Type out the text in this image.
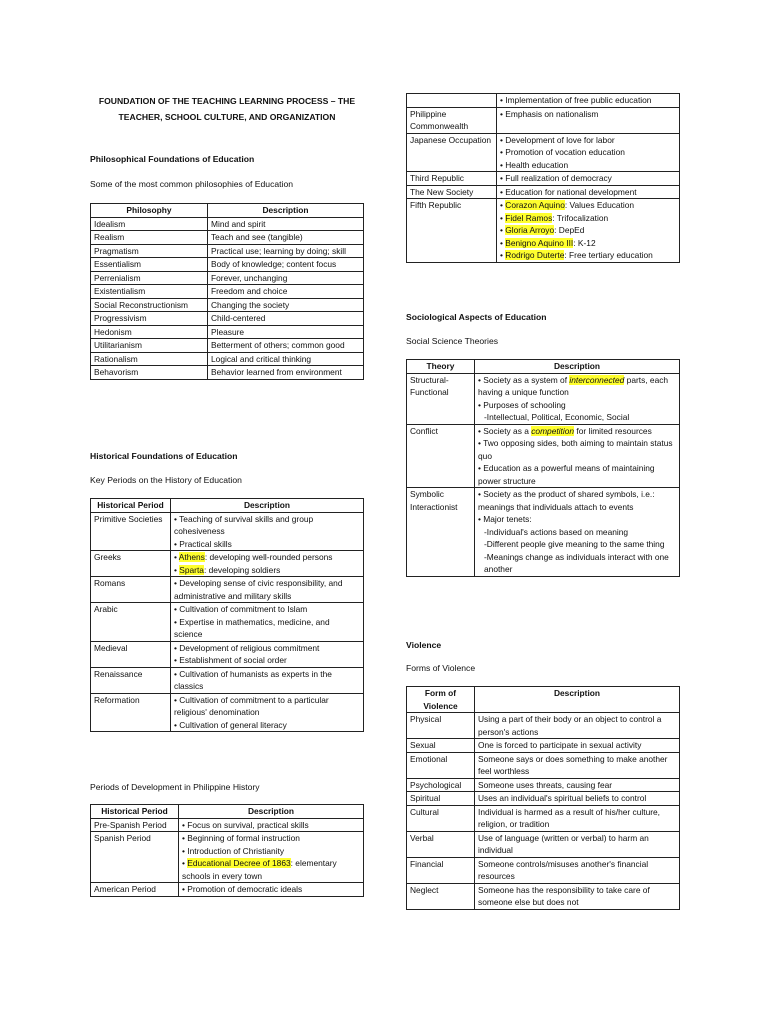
FOUNDATION OF THE TEACHING LEARNING PROCESS – THE TEACHER, SCHOOL CULTURE, AND ORGANIZATION
Philosophical Foundations of Education
Some of the most common philosophies of Education
Philosophy	Description
Idealism	Mind and spirit
Realism	Teach and see (tangible)
Pragmatism	Practical use; learning by doing; skill
Essentialism	Body of knowledge; content focus
Perrenialism	Forever, unchanging
Existentialism	Freedom and choice
Social Reconstructionism	Changing the society
Progressivism	Child-centered
Hedonism	Pleasure
Utilitarianism	Betterment of others; common good
Rationalism	Logical and critical thinking
Behavorism	Behavior learned from environment
Historical Foundations of Education
Key Periods on the History of Education
Historical Period	Description
Primitive Societies	• Teaching of survival skills and group cohesiveness
• Practical skills

Greeks	• Athens: developing well-rounded persons
• Sparta: developing soldiers

Romans	• Developing sense of civic responsibility, and administrative and military skills

Arabic	• Cultivation of commitment to Islam
• Expertise in mathematics, medicine, and science

Medieval	• Development of religious commitment
• Establishment of social order

Renaissance	• Cultivation of humanists as experts in the classics

Reformation	• Cultivation of commitment to a particular religious' denomination
• Cultivation of general literacy
Periods of Development in Philippine History
Historical Period	Description
Pre-Spanish Period	• Focus on survival, practical skills

Spanish Period	• Beginning of formal instruction
• Introduction of Christianity
• Educational Decree of 1863: elementary schools in every town

American Period	• Promotion of democratic ideals

	• Implementation of free public education

Philippine Commonwealth	• Emphasis on nationalism

Japanese Occupation	• Development of love for labor
• Promotion of vocation education
• Health education

Third Republic	• Full realization of democracy

The New Society	• Education for national development

Fifth Republic	• Corazon Aquino: Values Education
• Fidel Ramos: Trifocalization
• Gloria Arroyo: DepEd
• Benigno Aquino III: K-12
• Rodrigo Duterte: Free tertiary education
Sociological Aspects of Education
Social Science Theories
Theory	Description
Structural-Functional	• Society as a system of interconnected parts, each having a unique function
• Purposes of schooling
-Intellectual, Political, Economic, Social

Conflict	• Society as a competition for limited resources
• Two opposing sides, both aiming to maintain status quo
• Education as a powerful means of maintaining power structure

Symbolic Interactionist	• Society as the product of shared symbols, i.e.: meanings that individuals attach to events
• Major tenets:
-Individual's actions based on meaning
-Different people give meaning to the same thing
-Meanings change as individuals interact with one another
Violence
Forms of Violence
Form of Violence	Description
Physical	Using a part of their body or an object to control a person's actions
Sexual	One is forced to participate in sexual activity
Emotional	Someone says or does something to make another feel worthless
Psychological	Someone uses threats, causing fear
Spiritual	Uses an individual's spiritual beliefs to control
Cultural	Individual is harmed as a result of his/her culture, religion, or tradition
Verbal	Use of language (written or verbal) to harm an individual
Financial	Someone controls/misuses another's financial resources
Neglect	Someone has the responsibility to take care of someone else but does not
